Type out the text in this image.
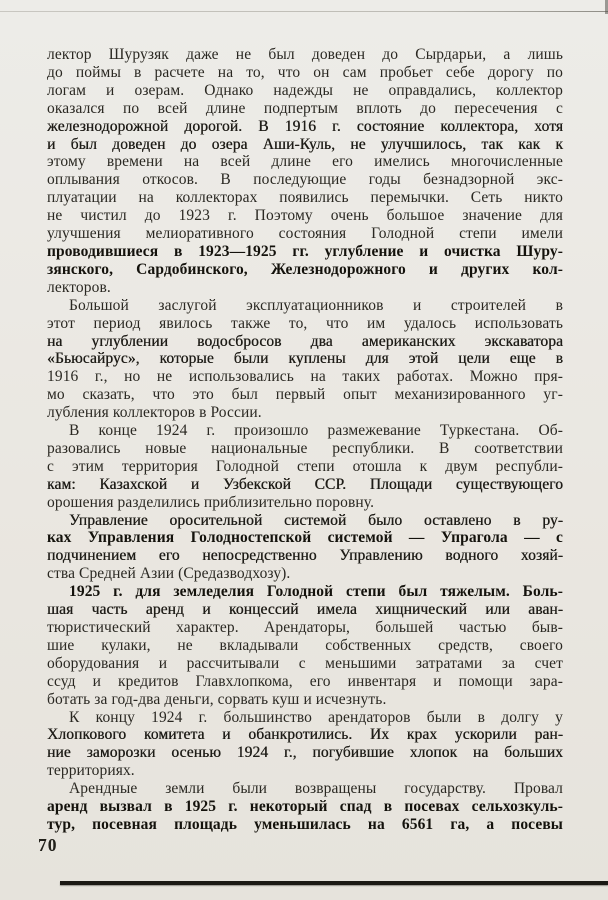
лектор Шурузяк даже не был доведен до Сырдарьи, а лишь
до поймы в расчете на то, что он сам пробьет себе дорогу по
логам и озерам. Однако надежды не оправдались, коллектор
оказался по всей длине подпертым вплоть до пересечения с
железнодорожной дорогой. В 1916 г. состояние коллектора, хотя
и был доведен до озера Аши-Куль, не улучшилось, так как к
этому времени на всей длине его имелись многочисленные
оплывания откосов. В последующие годы безнадзорной экс-
плуатации на коллекторах появились перемычки. Сеть никто
не чистил до 1923 г. Поэтому очень большое значение для
улучшения мелиоративного состояния Голодной степи имели
проводившиеся в 1923—1925 гг. углубление и очистка Шуру-
зянского, Сардобинского, Железнодорожного и других кол-
лекторов.
Большой заслугой эксплуатационников и строителей в
этот период явилось также то, что им удалось использовать
на углублении водосбросов два американских экскаватора
«Бьюсайрус», которые были куплены для этой цели еще в
1916 г., но не использовались на таких работах. Можно пря-
мо сказать, что это был первый опыт механизированного уг-
лубления коллекторов в России.
В конце 1924 г. произошло размежевание Туркестана. Об-
разовались новые национальные республики. В соответствии
с этим территория Голодной степи отошла к двум республи-
кам: Казахской и Узбекской ССР. Площади существующего
орошения разделились приблизительно поровну.
Управление оросительной системой было оставлено в ру-
ках Управления Голодностепской системой — Упрагола — с
подчинением его непосредственно Управлению водного хозяй-
ства Средней Азии (Средазводхозу).
1925 г. для земледелия Голодной степи был тяжелым. Боль-
шая часть аренд и концессий имела хищнический или аван-
тюристический характер. Арендаторы, большей частью быв-
шие кулаки, не вкладывали собственных средств, своего
оборудования и рассчитывали с меньшими затратами за счет
ссуд и кредитов Главхлопкома, его инвентаря и помощи зара-
ботать за год-два деньги, сорвать куш и исчезнуть.
К концу 1924 г. большинство арендаторов были в долгу у
Хлопкового комитета и обанкротились. Их крах ускорили ран-
ние заморозки осенью 1924 г., погубившие хлопок на больших
территориях.
Арендные земли были возвращены государству. Провал
аренд вызвал в 1925 г. некоторый спад в посевах сельхозкуль-
тур, посевная площадь уменьшилась на 6561 га, а посевы
70
